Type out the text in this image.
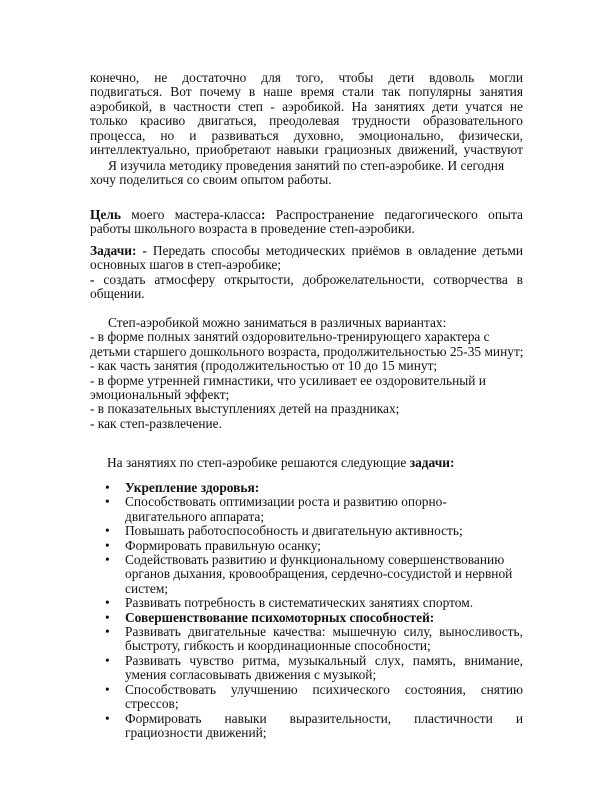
конечно, не достаточно для того, чтобы дети вдоволь могли

подвигаться. Вот почему в наше время стали так популярны занятия

аэробикой, в частности степ - аэробикой. На занятиях дети учатся не

только красиво двигаться, преодолевая трудности образовательного

процесса, но и развиваться духовно, эмоционально, физически,

интеллектуально, приобретают навыки грациозных движений, участвуют

Я изучила методику проведения занятий по степ-аэробике. И сегодня хочу поделиться со своим опытом работы.

Цель моего мастера-класса: Распространение педагогического опыта работы школьного возраста в проведение степ-аэробики.

Задачи: - Передать способы методических приёмов в овладение детьми основных шагов в степ-аэробике;

- создать атмосферу открытости, доброжелательности, сотворчества в общении.

Степ-аэробикой можно заниматься в различных вариантах:

- в форме полных занятий оздоровительно-тренирующего характера с детьми старшего дошкольного возраста, продолжительностью 25-35 минут;

- как часть занятия (продолжительностью от 10 до 15 минут;

- в форме утренней гимнастики, что усиливает ее оздоровительный и эмоциональный эффект;

- в показательных выступлениях детей на праздниках;

- как степ-развлечение.

На занятиях по степ-аэробике решаются следующие задачи:

• Укрепление здоровья:
• Способствовать оптимизации роста и развитию опорно-двигательного аппарата;
• Повышать работоспособность и двигательную активность;
• Формировать правильную осанку;
• Содействовать развитию и функциональному совершенствованию органов дыхания, кровообращения, сердечно-сосудистой и нервной систем;
• Развивать потребность в систематических занятиях спортом.
• Совершенствование психомоторных способностей:
• Развивать двигательные качества: мышечную силу, выносливость, быстроту, гибкость и координационные способности;
• Развивать чувство ритма, музыкальный слух, память, внимание, умения согласовывать движения с музыкой;
• Способствовать улучшению психического состояния, снятию стрессов;
• Формировать навыки выразительности, пластичности и грациозности движений;
